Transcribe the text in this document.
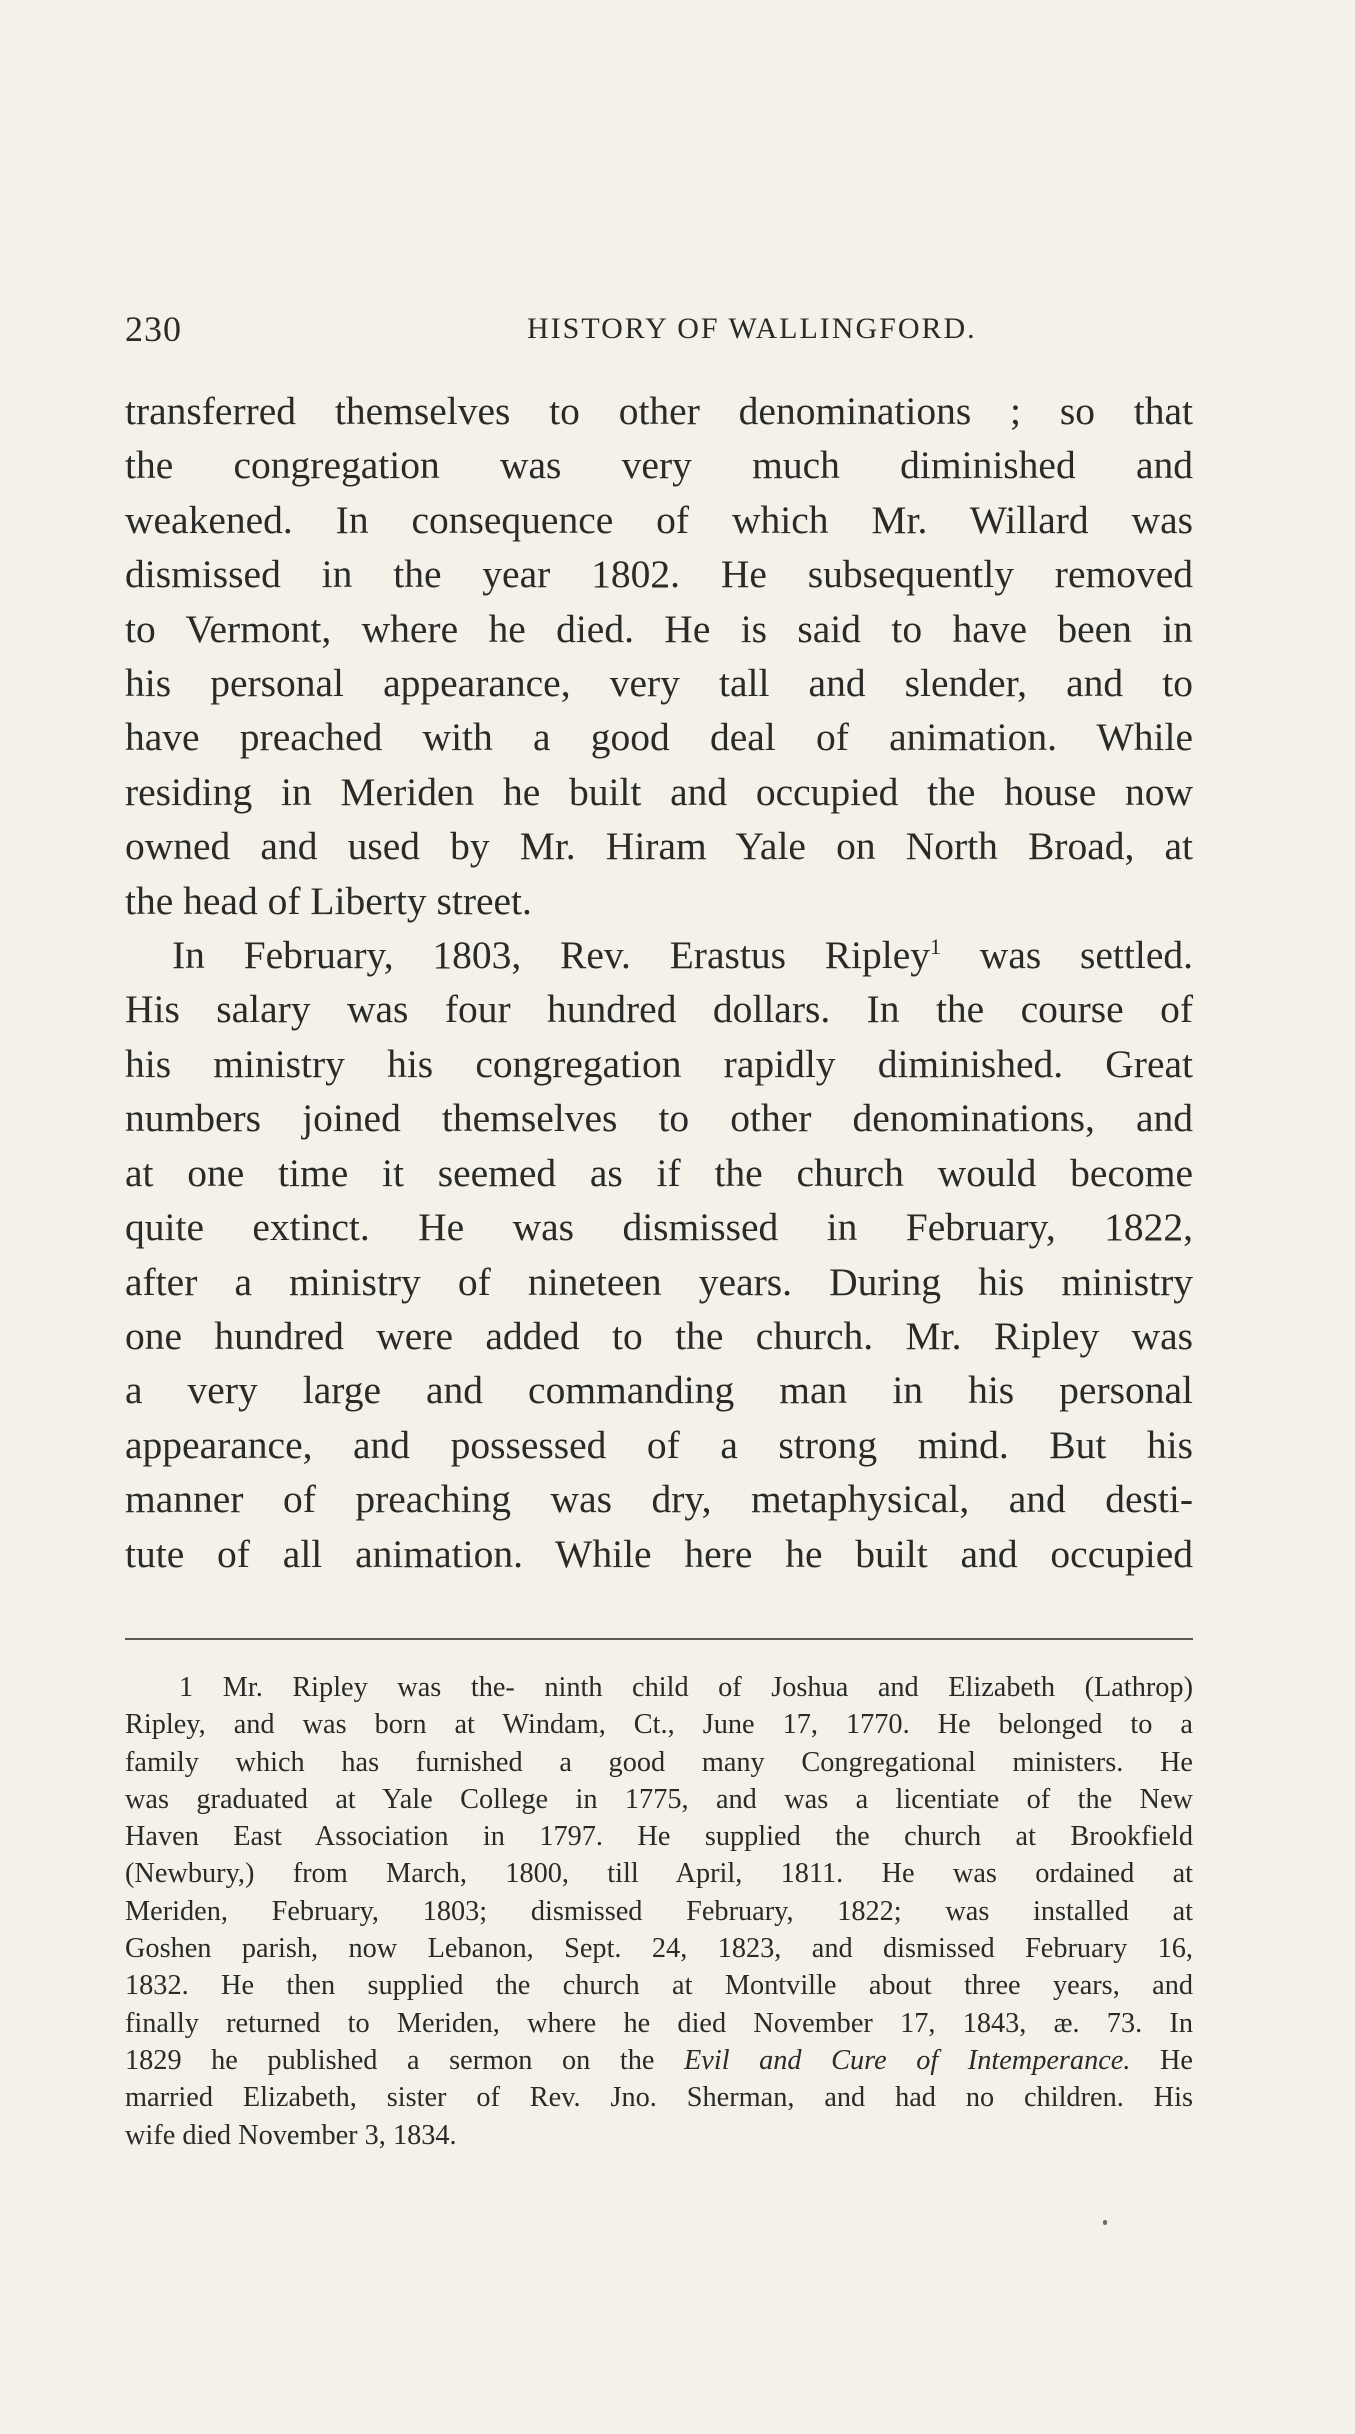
230	HISTORY OF WALLINGFORD.

transferred themselves to other denominations ; so that
the congregation was very much diminished and
weakened. In consequence of which Mr. Willard was
dismissed in the year 1802. He subsequently removed
to Vermont, where he died. He is said to have been in
his personal appearance, very tall and slender, and to
have preached with a good deal of animation. While
residing in Meriden he built and occupied the house now
owned and used by Mr. Hiram Yale on North Broad, at
the head of Liberty street.

In February, 1803, Rev. Erastus Ripley$^1$ was settled.
His salary was four hundred dollars. In the course of
his ministry his congregation rapidly diminished. Great
numbers joined themselves to other denominations, and
at one time it seemed as if the church would become
quite extinct. He was dismissed in February, 1822,
after a ministry of nineteen years. During his ministry
one hundred were added to the church. Mr. Ripley was
a very large and commanding man in his personal
appearance, and possessed of a strong mind. But his
manner of preaching was dry, metaphysical, and desti-
tute of all animation. While here he built and occupied

1 Mr. Ripley was the- ninth child of Joshua and Elizabeth (Lathrop)
Ripley, and was born at Windam, Ct., June 17, 1770. He belonged to a
family which has furnished a good many Congregational ministers. He
was graduated at Yale College in 1775, and was a licentiate of the New
Haven East Association in 1797. He supplied the church at Brookfield
(Newbury,) from March, 1800, till April, 1811. He was ordained at
Meriden, February, 1803; dismissed February, 1822; was installed at
Goshen parish, now Lebanon, Sept. 24, 1823, and dismissed February 16,
1832. He then supplied the church at Montville about three years, and
finally returned to Meriden, where he died November 17, 1843, æ. 73. In
1829 he published a sermon on the Evil and Cure of Intemperance. He
married Elizabeth, sister of Rev. Jno. Sherman, and had no children. His
wife died November 3, 1834.
